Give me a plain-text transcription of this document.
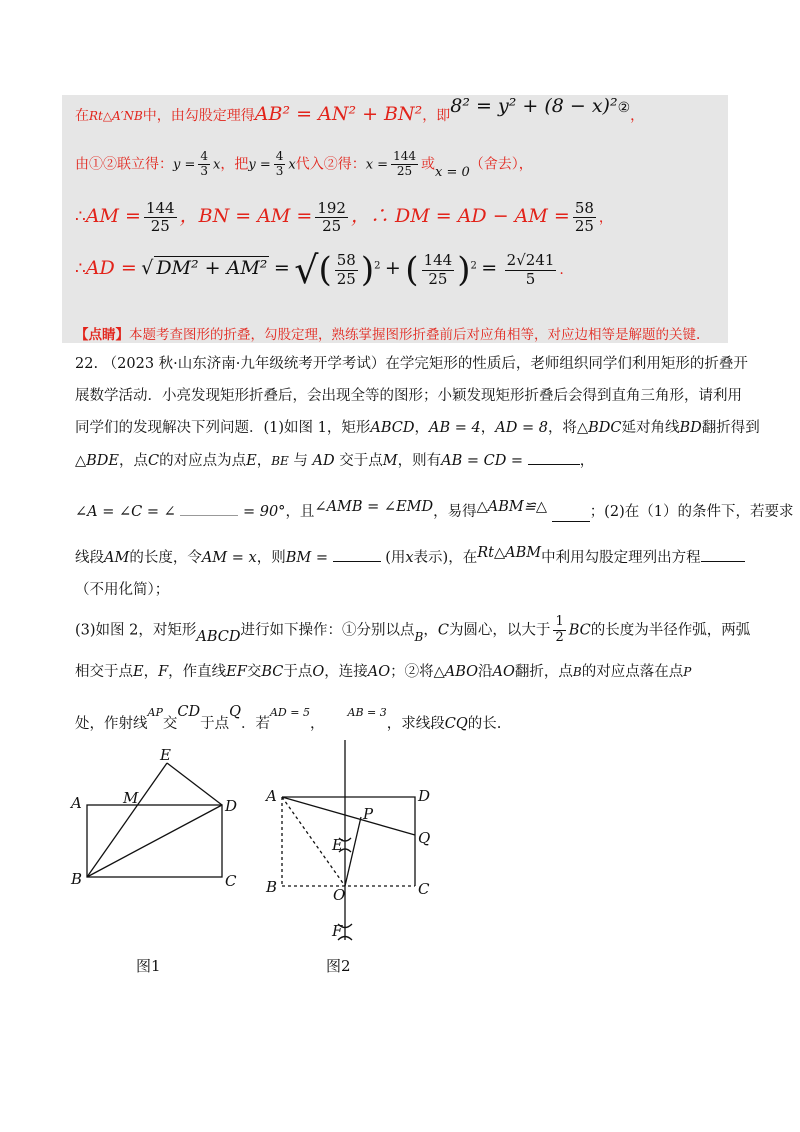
在Rt△A′NB中，由勾股定理得AB² = AN² + BN²，即8² = y² + (8 − x)²②，
由①②联立得：$y = \frac{4}{3}$ x，把$y = \frac{4}{3}$ x代入②得：$x = \frac{144}{25}$ 或x = 0（舍去），
∴AM = $\frac{144}{25}$ ，BN = AM = $\frac{192}{25}$ ，∴ DM = AD − AM = $\frac{58}{25}$ ，
∴AD = √ DM² + AM² = √( $\frac{58}{25} )^2$ + ( $\frac{144}{25} )^2 = \frac{2√241}{5}$ .
【点睛】本题考查图形的折叠，勾股定理，熟练掌握图形折叠前后对应角相等，对应边相等是解题的关键.
22. （2023 秋·山东济南·九年级统考开学考试）在学完矩形的性质后，老师组织同学们利用矩形的折叠开
展数学活动．小亮发现矩形折叠后，会出现全等的图形；小颖发现矩形折叠后会得到直角三角形，请利用
同学们的发现解决下列问题．(1)如图 1，矩形ABCD，AB = 4，AD = 8，将△BDC延对角线BD翻折得到
△BDE，点C的对应点为点E，BE 与 AD 交于点M，则有AB = CD =	，
∠A = ∠C = ∠	= 90°，且∠AMB = ∠EMD，易得△ABM≌△	；(2)在（1）的条件下，若要求
线段AM的长度，令AM = x，则BM =	(用x表示)，在Rt△ABM中利用勾股定理列出方程
（不用化简）；
(3)如图 2，对矩形ABCD进行如下操作：①分别以点$_B$，C为圆心，以大于 $\frac{1}{2}$ BC的长度为半径作弧，两弧
相交于点E，F，作直线EF交BC于点O，连接AO；②将△ABO沿AO翻折，点B的对应点落在点P
处，作射线$^{AP}$交CD于点Q．若$^{AD = 5}$，     $^{AB = 3}$，求线段CQ的长.
E
A	M	D
B	C
A	D
P
Q
E
B	O	C
F
图1	图2
